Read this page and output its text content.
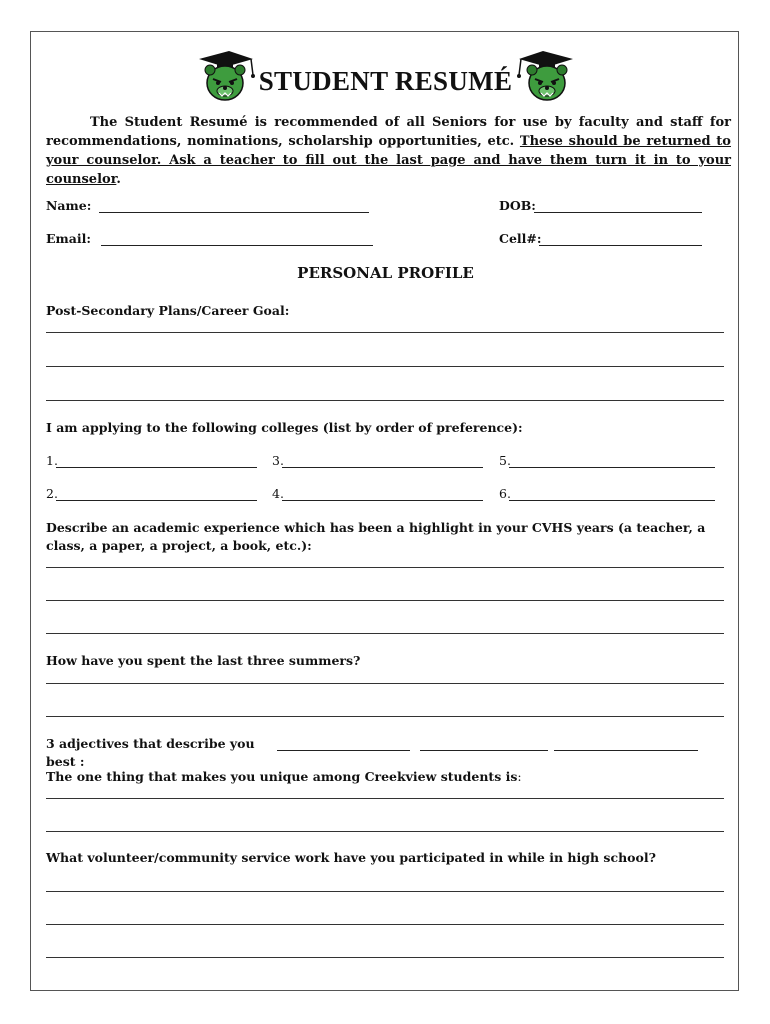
STUDENT RESUMÉ
The Student Resumé is recommended of all Seniors for use by faculty and staff for recommendations, nominations, scholarship opportunities, etc. These should be returned to your counselor. Ask a teacher to fill out the last page and have them turn it in to your counselor.
Name:	DOB:
Email:	Cell#:
PERSONAL PROFILE
Post-Secondary Plans/Career Goal:
I am applying to the following colleges (list by order of preference):
1.	3.	5.
2.	4.	6.
Describe an academic experience which has been a highlight in your CVHS years (a teacher, a class, a paper, a project, a book, etc.):
How have you spent the last three summers?
3 adjectives that describe you best :
The one thing that makes you unique among Creekview students is:
What volunteer/community service work have you participated in while in high school?
